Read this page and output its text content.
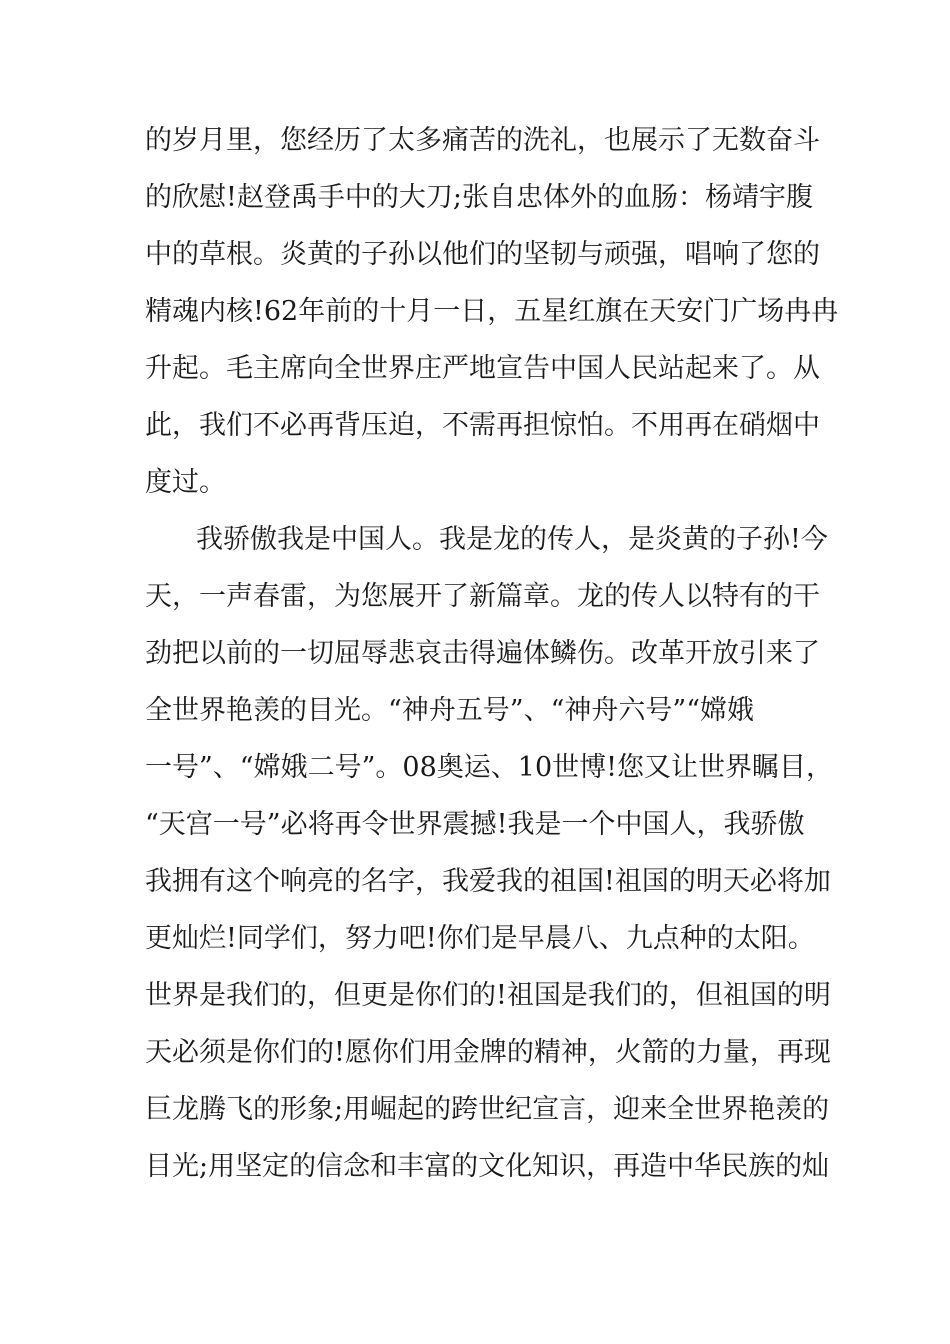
的岁月里，您经历了太多痛苦的洗礼，也展示了无数奋斗
的欣慰!赵登禹手中的大刀;张自忠体外的血肠：杨靖宇腹
中的草根。炎黄的子孙以他们的坚韧与顽强，唱响了您的
精魂内核!62年前的十月一日，五星红旗在天安门广场冉冉
升起。毛主席向全世界庄严地宣告中国人民站起来了。从
此，我们不必再背压迫，不需再担惊怕。不用再在硝烟中
度过。
我骄傲我是中国人。我是龙的传人，是炎黄的子孙!今
天，一声春雷，为您展开了新篇章。龙的传人以特有的干
劲把以前的一切屈辱悲哀击得遍体鳞伤。改革开放引来了
全世界艳羡的目光。“神舟五号”、“神舟六号”“嫦娥
一号”、“嫦娥二号”。08奥运、10世博!您又让世界瞩目，
“天宫一号”必将再令世界震撼!我是一个中国人，我骄傲
我拥有这个响亮的名字，我爱我的祖国!祖国的明天必将加
更灿烂!同学们，努力吧!你们是早晨八、九点种的太阳。
世界是我们的，但更是你们的!祖国是我们的，但祖国的明
天必须是你们的!愿你们用金牌的精神，火箭的力量，再现
巨龙腾飞的形象;用崛起的跨世纪宣言，迎来全世界艳羡的
目光;用坚定的信念和丰富的文化知识，再造中华民族的灿
